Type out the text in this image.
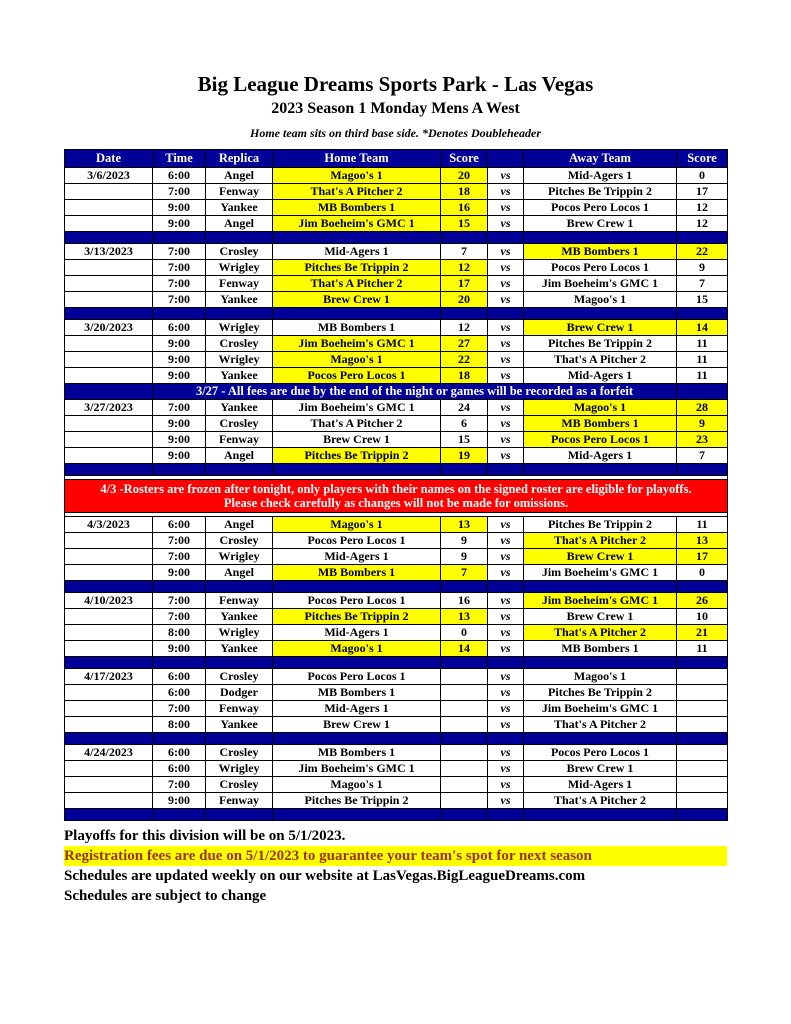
Big League Dreams Sports Park - Las Vegas
2023 Season 1 Monday Mens A West
Home team sits on third base side. *Denotes Doubleheader
Date	Time	Replica	Home Team	Score		Away Team	Score
3/6/2023	6:00	Angel	Magoo's 1	20	vs	Mid-Agers 1	0
	7:00	Fenway	That's A Pitcher 2	18	vs	Pitches Be Trippin 2	17
	9:00	Yankee	MB Bombers 1	16	vs	Pocos Pero Locos 1	12
	9:00	Angel	Jim Boeheim's GMC 1	15	vs	Brew Crew 1	12

3/13/2023	7:00	Crosley	Mid-Agers 1	7	vs	MB Bombers 1	22
	7:00	Wrigley	Pitches Be Trippin 2	12	vs	Pocos Pero Locos 1	9
	7:00	Fenway	That's A Pitcher 2	17	vs	Jim Boeheim's GMC 1	7
	7:00	Yankee	Brew Crew 1	20	vs	Magoo's 1	15

3/20/2023	6:00	Wrigley	MB Bombers 1	12	vs	Brew Crew 1	14
	9:00	Crosley	Jim Boeheim's GMC 1	27	vs	Pitches Be Trippin 2	11
	9:00	Wrigley	Magoo's 1	22	vs	That's A Pitcher 2	11
	9:00	Yankee	Pocos Pero Locos 1	18	vs	Mid-Agers 1	11
	3/27 - All fees are due by the end of the night or games will be recorded as a forfeit						
3/27/2023	7:00	Yankee	Jim Boeheim's GMC 1	24	vs	Magoo's 1	28
	9:00	Crosley	That's A Pitcher 2	6	vs	MB Bombers 1	9
	9:00	Fenway	Brew Crew 1	15	vs	Pocos Pero Locos 1	23
	9:00	Angel	Pitches Be Trippin 2	19	vs	Mid-Agers 1	7

4/3 -Rosters are frozen after tonight, only players with their names on the signed roster are eligible for playoffs.
Please check carefully as changes will not be made for omissions.							

4/3/2023	6:00	Angel	Magoo's 1	13	vs	Pitches Be Trippin 2	11
	7:00	Crosley	Pocos Pero Locos 1	9	vs	That's A Pitcher 2	13
	7:00	Wrigley	Mid-Agers 1	9	vs	Brew Crew 1	17
	9:00	Angel	MB Bombers 1	7	vs	Jim Boeheim's GMC 1	0

4/10/2023	7:00	Fenway	Pocos Pero Locos 1	16	vs	Jim Boeheim's GMC 1	26
	7:00	Yankee	Pitches Be Trippin 2	13	vs	Brew Crew 1	10
	8:00	Wrigley	Mid-Agers 1	0	vs	That's A Pitcher 2	21
	9:00	Yankee	Magoo's 1	14	vs	MB Bombers 1	11

4/17/2023	6:00	Crosley	Pocos Pero Locos 1		vs	Magoo's 1	
	6:00	Dodger	MB Bombers 1		vs	Pitches Be Trippin 2	
	7:00	Fenway	Mid-Agers 1		vs	Jim Boeheim's GMC 1	
	8:00	Yankee	Brew Crew 1		vs	That's A Pitcher 2	

4/24/2023	6:00	Crosley	MB Bombers 1		vs	Pocos Pero Locos 1	
	6:00	Wrigley	Jim Boeheim's GMC 1		vs	Brew Crew 1	
	7:00	Crosley	Magoo's 1		vs	Mid-Agers 1	
	9:00	Fenway	Pitches Be Trippin 2		vs	That's A Pitcher 2	

Playoffs for this division will be on 5/1/2023.
Registration fees are due on 5/1/2023 to guarantee your team's spot for next season
Schedules are updated weekly on our website at LasVegas.BigLeagueDreams.com
Schedules are subject to change
